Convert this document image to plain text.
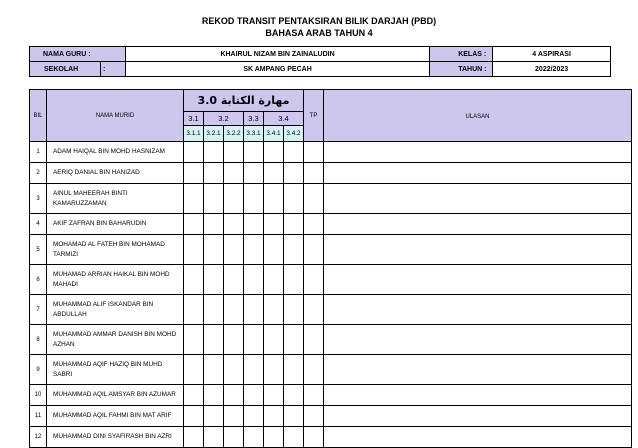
REKOD TRANSIT PENTAKSIRAN BILIK DARJAH (PBD)
BAHASA ARAB TAHUN 4
NAMA GURU :		KHAIRUL NIZAM BIN ZAINALUDIN	KELAS :	4 ASPIRASI
SEKOLAH	:	SK AMPANG PECAH	TAHUN :	2022/2023
BIL	NAMA MURID	مهارة الكتابة 3.0						TP	ULASAN
		3.1	3.2		3.3	3.4			
		3.1.1	3.2.1	3.2.2	3.3.1	3.4.1	3.4.2		
1	ADAM HAIQAL BIN MOHD HASNIZAM								
2	AERIQ DANIAL BIN HANIZAD								
3	AINUL MAHEERAH BINTI KAMARUZZAMAN								
4	AKIF ZAFRAN BIN BAHARUDIN								
5	MOHAMAD AL FATEH BIN MOHAMAD TARMIZI								
6	MUHAMAD ARRIAN HAIKAL BIN MOHD MAHADI								
7	MUHAMMAD ALIF ISKANDAR BIN ABDULLAH								
8	MUHAMMAD AMMAR DANISH BIN MOHD AZHAN								
9	MUHAMMAD AQIF HAZIQ BIN MUHD SABRI								
10	MUHAMMAD AQIL AMSYAR BIN AZUMAR								
11	MUHAMMAD AQIL FAHMI BIN MAT ARIF								
12	MUHAMMAD DINI SYAFIRASH BIN AZRI								
